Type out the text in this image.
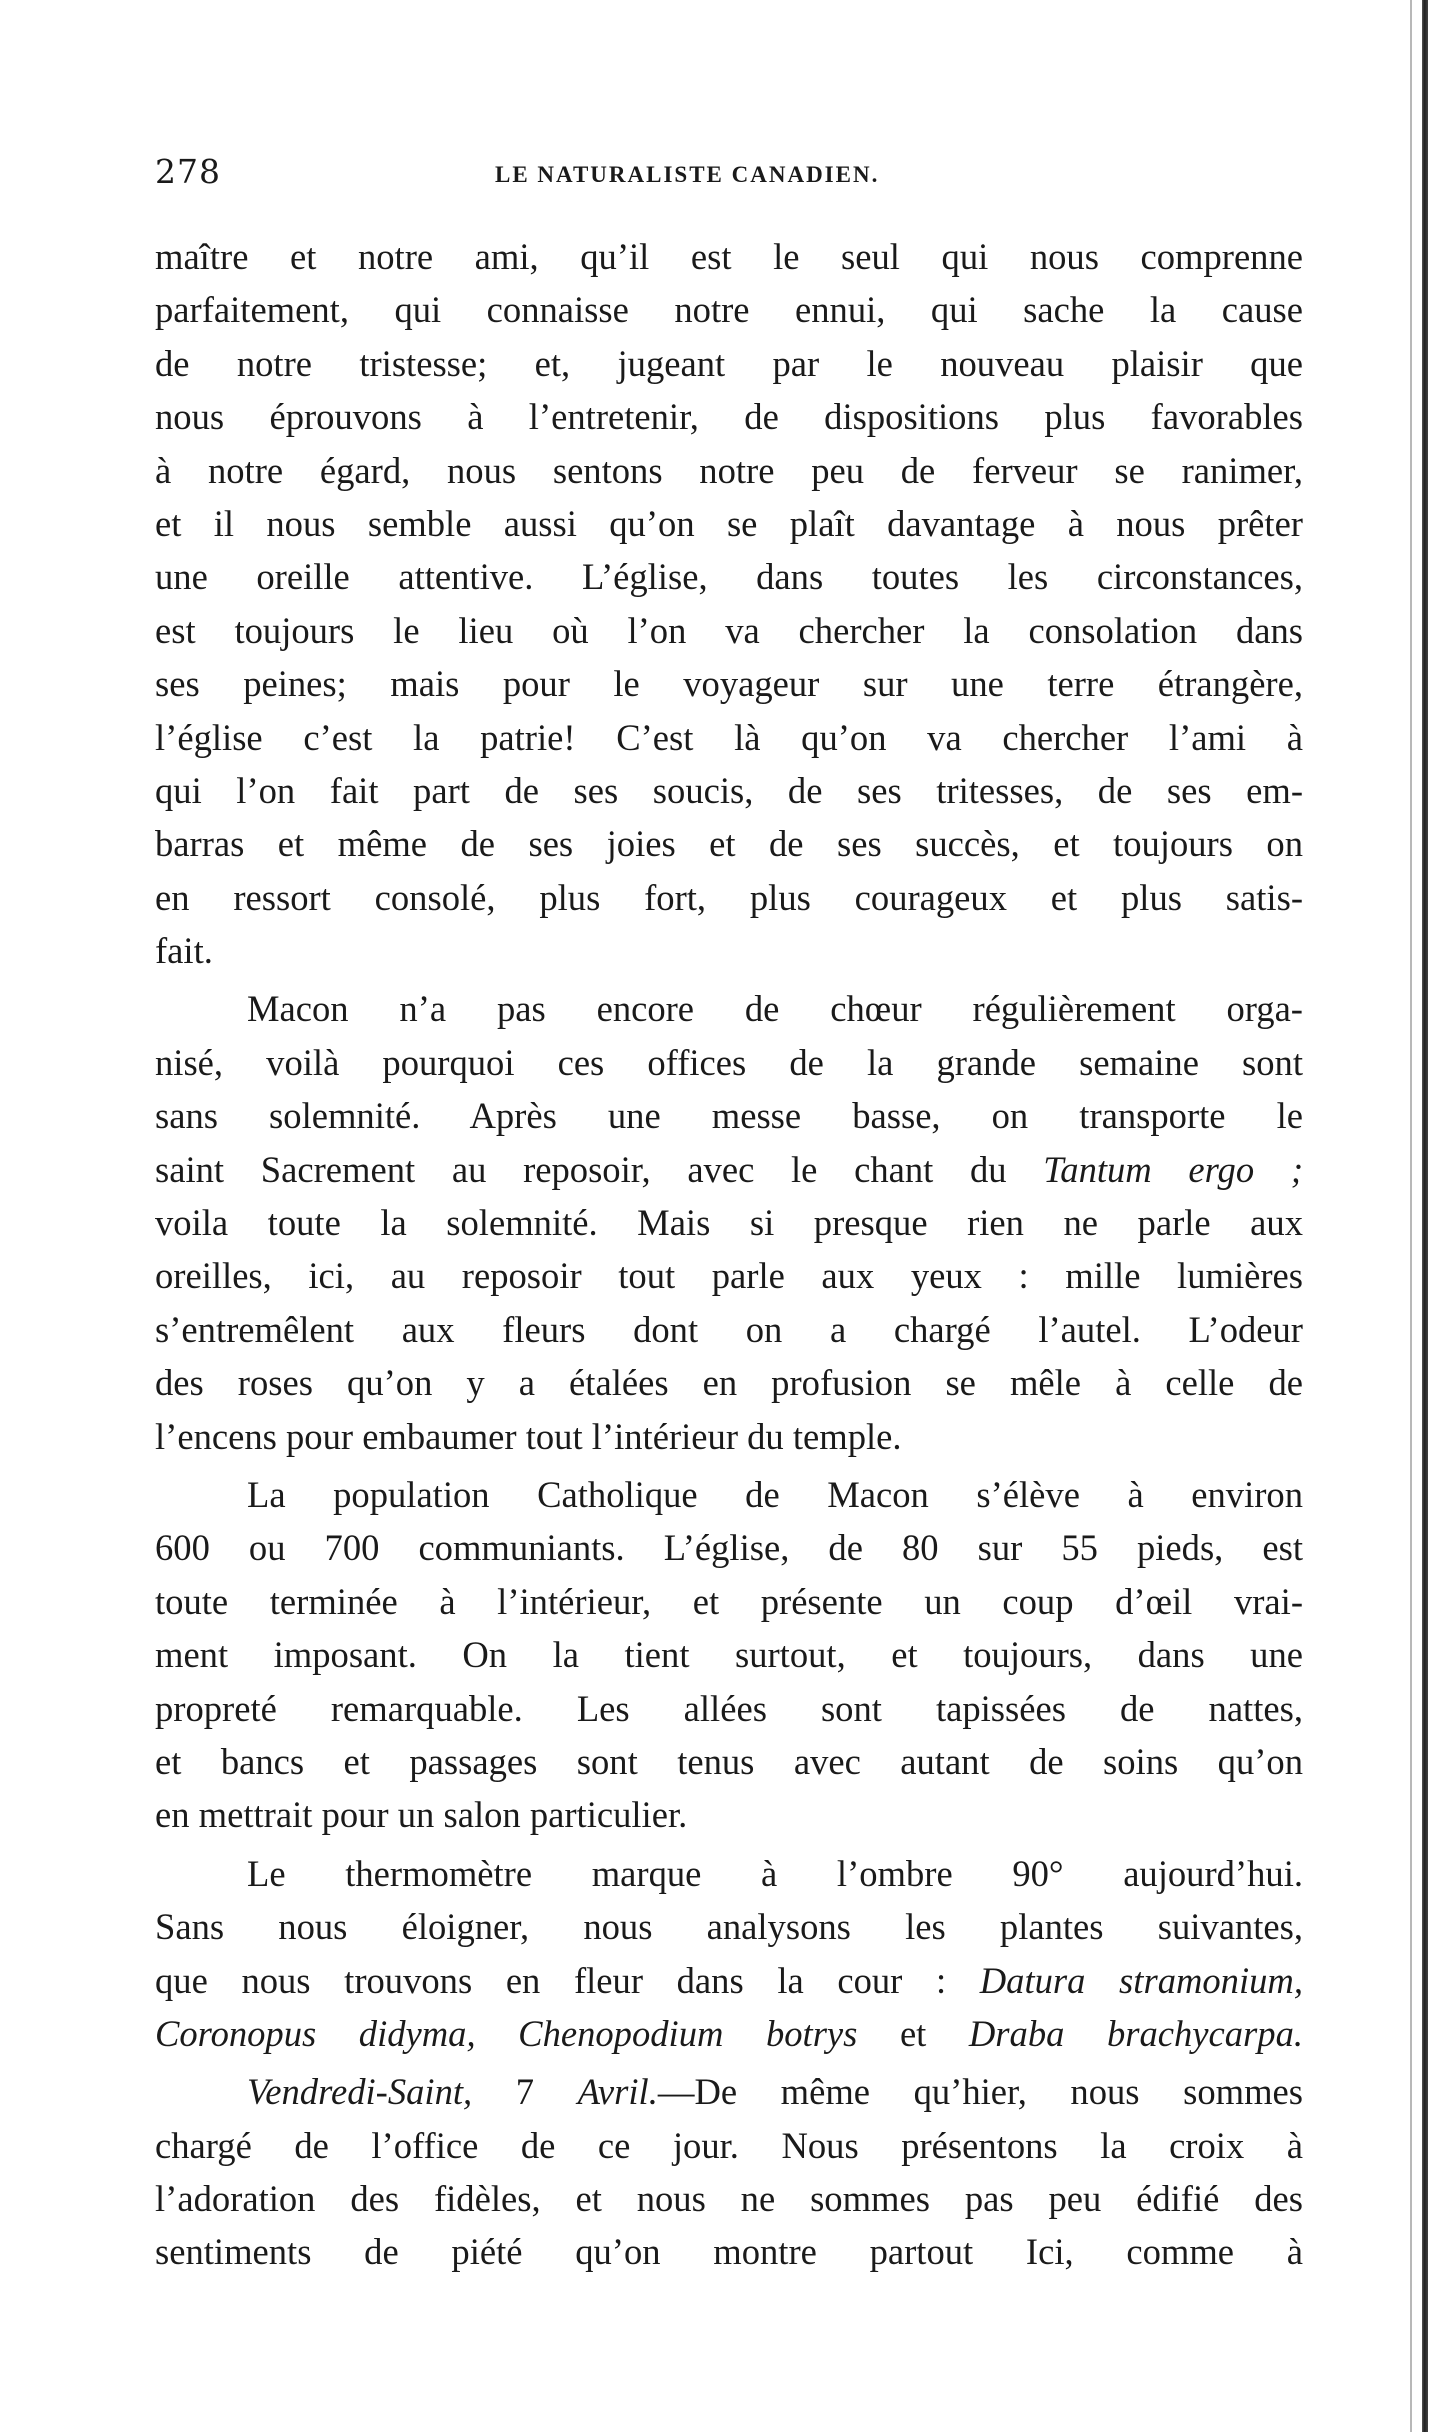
278	LE NATURALISTE CANADIEN.
maître et notre ami, qu’il est le seul qui nous comprenne
parfaitement, qui connaisse notre ennui, qui sache la cause
de notre tristesse; et, jugeant par le nouveau plaisir que
nous éprouvons à l’entretenir, de dispositions plus favorables
à notre égard, nous sentons notre peu de ferveur se ranimer,
et il nous semble aussi qu’on se plaît davantage à nous prêter
une oreille attentive. L’église, dans toutes les circonstances,
est toujours le lieu où l’on va chercher la consolation dans
ses peines; mais pour le voyageur sur une terre étrangère,
l’église c’est la patrie! C’est là qu’on va chercher l’ami à
qui l’on fait part de ses soucis, de ses tritesses, de ses em-
barras et même de ses joies et de ses succès, et toujours on
en ressort consolé, plus fort, plus courageux et plus satis-
fait.
Macon n’a pas encore de chœur régulièrement orga-
nisé, voilà pourquoi ces offices de la grande semaine sont
sans solemnité. Après une messe basse, on transporte le
saint Sacrement au reposoir, avec le chant du Tantum ergo ;
voila toute la solemnité. Mais si presque rien ne parle aux
oreilles, ici, au reposoir tout parle aux yeux : mille lumières
s’entremêlent aux fleurs dont on a chargé l’autel. L’odeur
des roses qu’on y a étalées en profusion se mêle à celle de
l’encens pour embaumer tout l’intérieur du temple.
La population Catholique de Macon s’élève à environ
600 ou 700 communiants. L’église, de 80 sur 55 pieds, est
toute terminée à l’intérieur, et présente un coup d’œil vrai-
ment imposant. On la tient surtout, et toujours, dans une
propreté remarquable. Les allées sont tapissées de nattes,
et bancs et passages sont tenus avec autant de soins qu’on
en mettrait pour un salon particulier.
Le thermomètre marque à l’ombre 90° aujourd’hui.
Sans nous éloigner, nous analysons les plantes suivantes,
que nous trouvons en fleur dans la cour : Datura stramonium,
Coronopus didyma, Chenopodium botrys et Draba brachycarpa.
Vendredi-Saint, 7 Avril.—De même qu’hier, nous sommes
chargé de l’office de ce jour. Nous présentons la croix à
l’adoration des fidèles, et nous ne sommes pas peu édifié des
sentiments de piété qu’on montre partout Ici, comme à
